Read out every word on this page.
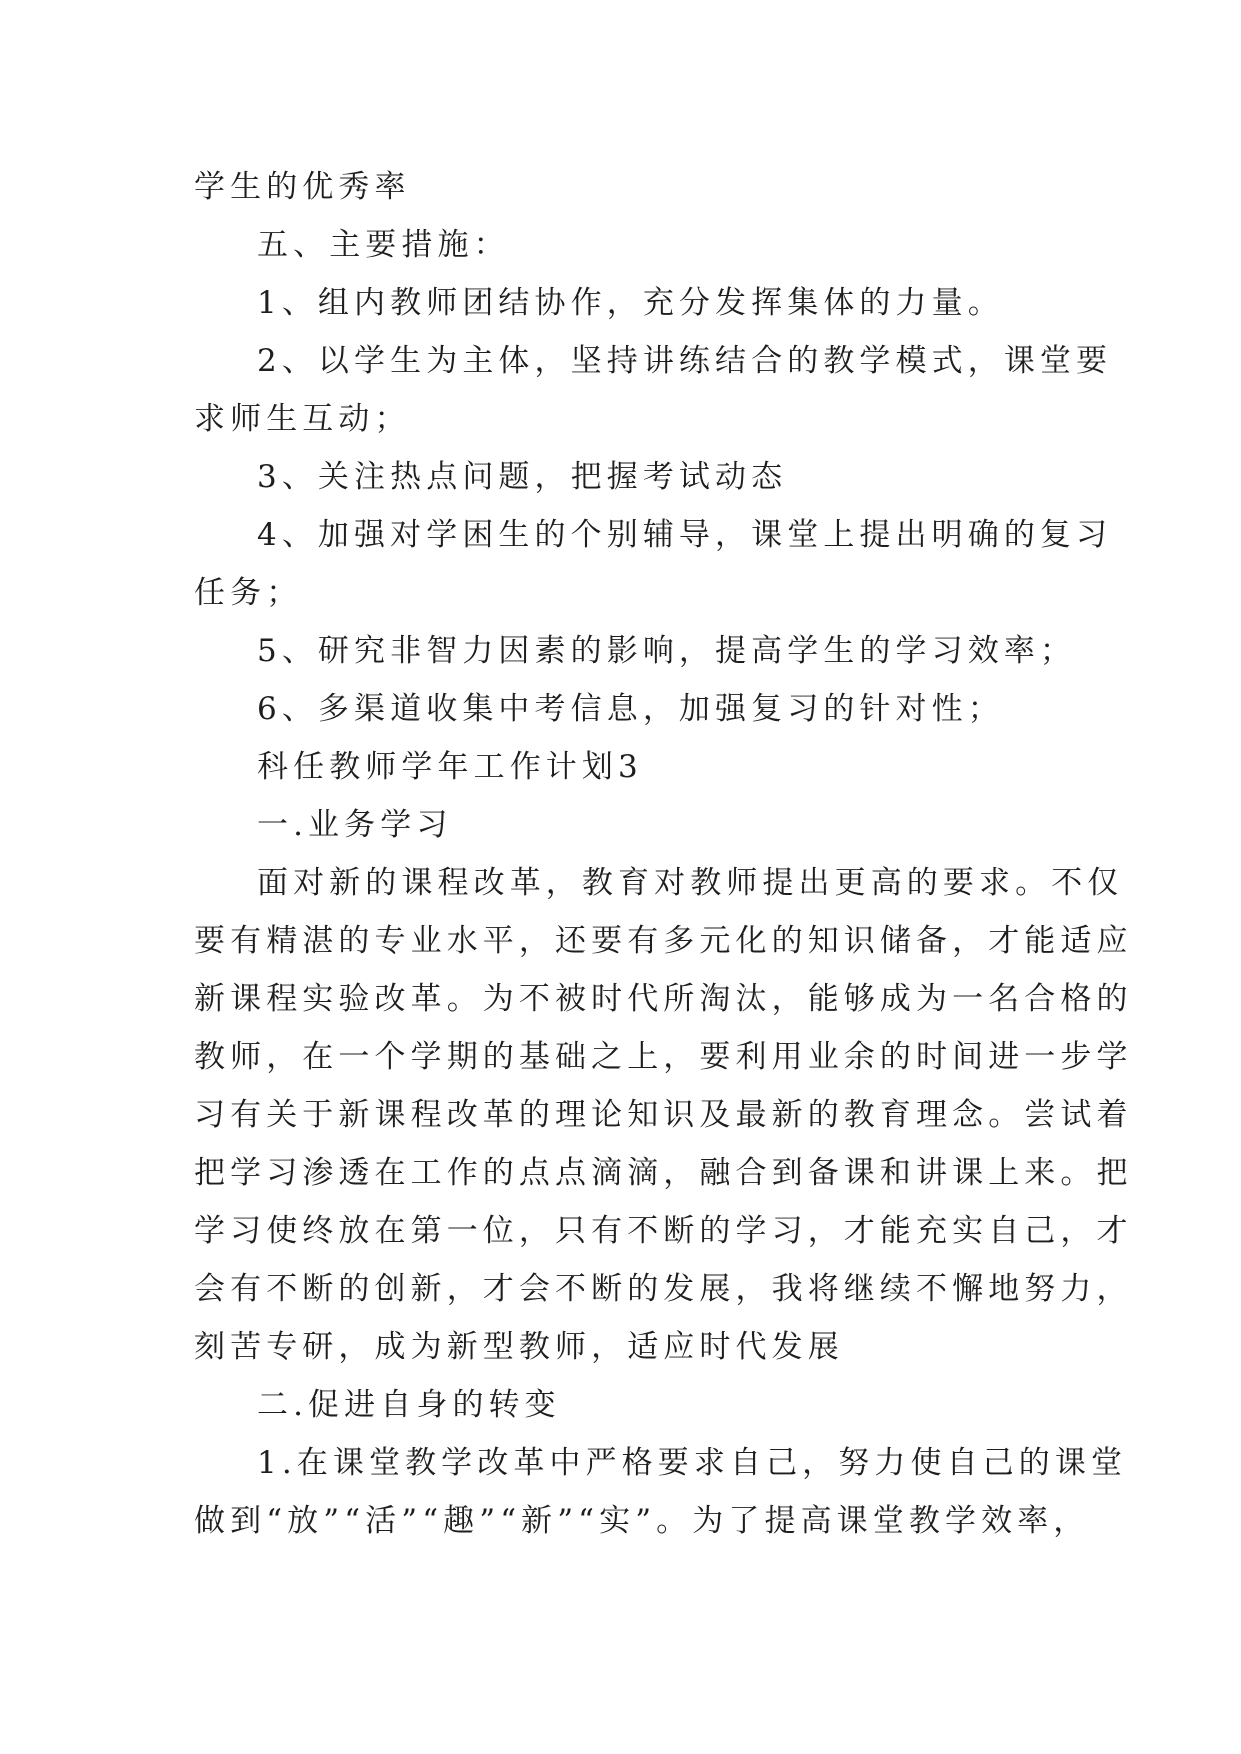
学生的优秀率
五、主要措施：
1、组内教师团结协作，充分发挥集体的力量。
2、以学生为主体，坚持讲练结合的教学模式，课堂要
求师生互动；
3、关注热点问题，把握考试动态
4、加强对学困生的个别辅导，课堂上提出明确的复习
任务；
5、研究非智力因素的影响，提高学生的学习效率；
6、多渠道收集中考信息，加强复习的针对性；
科任教师学年工作计划3
一.业务学习
面对新的课程改革，教育对教师提出更高的要求。不仅
要有精湛的专业水平，还要有多元化的知识储备，才能适应
新课程实验改革。为不被时代所淘汰，能够成为一名合格的
教师，在一个学期的基础之上，要利用业余的时间进一步学
习有关于新课程改革的理论知识及最新的教育理念。尝试着
把学习渗透在工作的点点滴滴，融合到备课和讲课上来。把
学习使终放在第一位，只有不断的学习，才能充实自己，才
会有不断的创新，才会不断的发展，我将继续不懈地努力，
刻苦专研，成为新型教师，适应时代发展
二.促进自身的转变
1.在课堂教学改革中严格要求自己，努力使自己的课堂
做到“放”“活”“趣”“新”“实”。为了提高课堂教学效率，
